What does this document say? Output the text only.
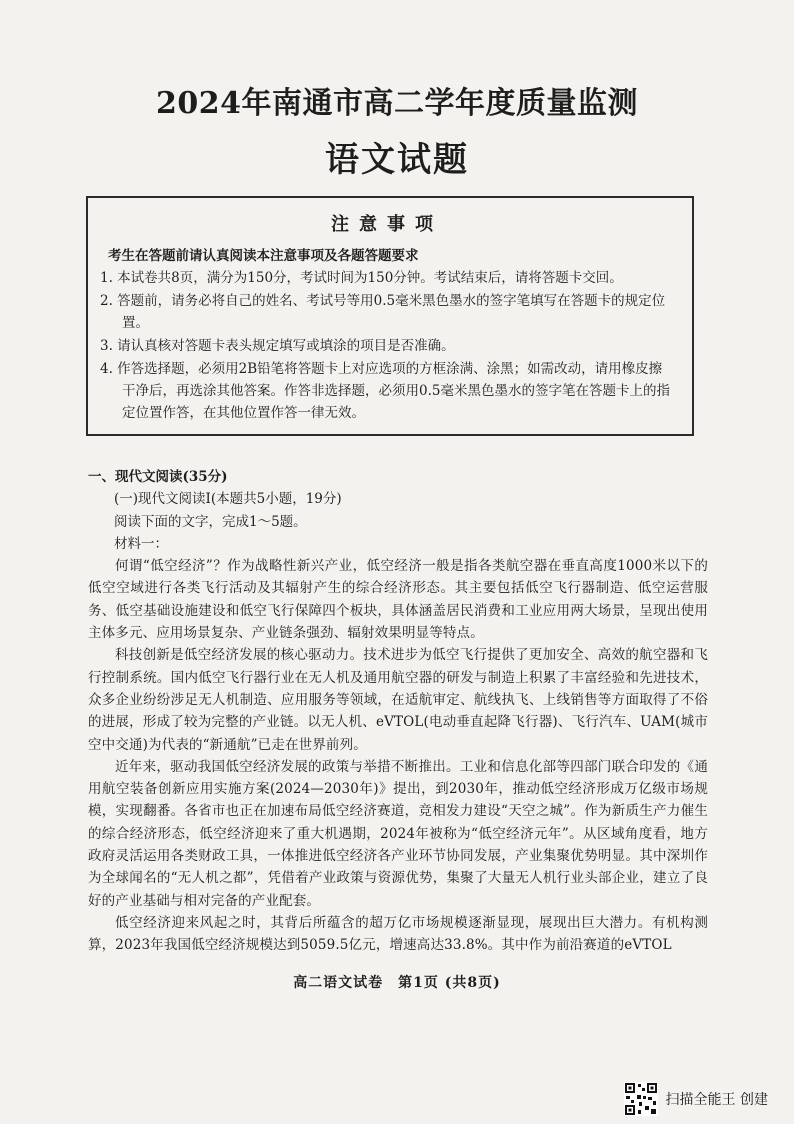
2024年南通市高二学年度质量监测
语文试题
注意事项
考生在答题前请认真阅读本注意事项及各题答题要求
1. 本试卷共8页，满分为150分，考试时间为150分钟。考试结束后，请将答题卡交回。
2. 答题前，请务必将自己的姓名、考试号等用0.5毫米黑色墨水的签字笔填写在答题卡的规定位置。
3. 请认真核对答题卡表头规定填写或填涂的项目是否准确。
4. 作答选择题，必须用2B铅笔将答题卡上对应选项的方框涂满、涂黑；如需改动，请用橡皮擦干净后，再选涂其他答案。作答非选择题，必须用0.5毫米黑色墨水的签字笔在答题卡上的指定位置作答，在其他位置作答一律无效。

一、现代文阅读(35分)

(一)现代文阅读Ⅰ(本题共5小题，19分)

阅读下面的文字，完成1～5题。

材料一：

何谓“低空经济”？作为战略性新兴产业，低空经济一般是指各类航空器在垂直高度1000米以下的低空空域进行各类飞行活动及其辐射产生的综合经济形态。其主要包括低空飞行器制造、低空运营服务、低空基础设施建设和低空飞行保障四个板块，具体涵盖居民消费和工业应用两大场景，呈现出使用主体多元、应用场景复杂、产业链条强劲、辐射效果明显等特点。

科技创新是低空经济发展的核心驱动力。技术进步为低空飞行提供了更加安全、高效的航空器和飞行控制系统。国内低空飞行器行业在无人机及通用航空器的研发与制造上积累了丰富经验和先进技术，众多企业纷纷涉足无人机制造、应用服务等领域，在适航审定、航线执飞、上线销售等方面取得了不俗的进展，形成了较为完整的产业链。以无人机、eVTOL(电动垂直起降飞行器)、飞行汽车、UAM(城市空中交通)为代表的“新通航”已走在世界前列。

近年来，驱动我国低空经济发展的政策与举措不断推出。工业和信息化部等四部门联合印发的《通用航空装备创新应用实施方案(2024—2030年)》提出，到2030年，推动低空经济形成万亿级市场规模，实现翻番。各省市也正在加速布局低空经济赛道，竞相发力建设“天空之城”。作为新质生产力催生的综合经济形态，低空经济迎来了重大机遇期，2024年被称为“低空经济元年”。从区域角度看，地方政府灵活运用各类财政工具，一体推进低空经济各产业环节协同发展，产业集聚优势明显。其中深圳作为全球闻名的“无人机之都”，凭借着产业政策与资源优势，集聚了大量无人机行业头部企业，建立了良好的产业基础与相对完备的产业配套。

低空经济迎来风起之时，其背后所蕴含的超万亿市场规模逐渐显现，展现出巨大潜力。有机构测算，2023年我国低空经济规模达到5059.5亿元，增速高达33.8%。其中作为前沿赛道的eVTOL

高二语文试卷　第1页 (共8页)
扫描全能王 创建
